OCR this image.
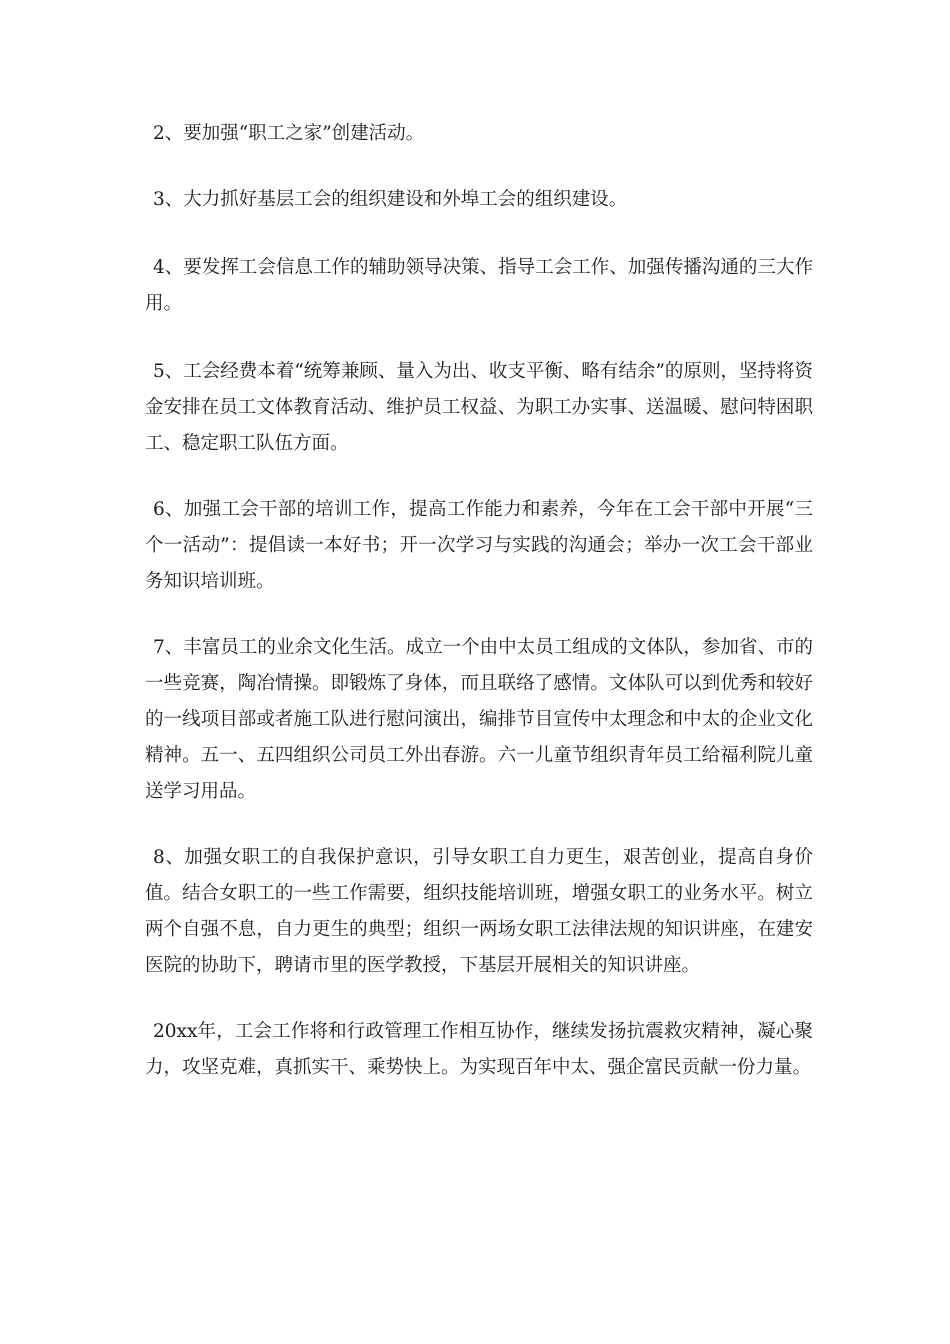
2、要加强“职工之家”创建活动。

3、大力抓好基层工会的组织建设和外埠工会的组织建设。

4、要发挥工会信息工作的辅助领导决策、指导工会工作、加强传播沟通的三大作用。

5、工会经费本着“统筹兼顾、量入为出、收支平衡、略有结余”的原则，坚持将资金安排在员工文体教育活动、维护员工权益、为职工办实事、送温暖、慰问特困职工、稳定职工队伍方面。

6、加强工会干部的培训工作，提高工作能力和素养，今年在工会干部中开展“三个一活动”：提倡读一本好书；开一次学习与实践的沟通会；举办一次工会干部业务知识培训班。

7、丰富员工的业余文化生活。成立一个由中太员工组成的文体队，参加省、市的一些竞赛，陶冶情操。即锻炼了身体，而且联络了感情。文体队可以到优秀和较好的一线项目部或者施工队进行慰问演出，编排节目宣传中太理念和中太的企业文化精神。五一、五四组织公司员工外出春游。六一儿童节组织青年员工给福利院儿童送学习用品。

8、加强女职工的自我保护意识，引导女职工自力更生，艰苦创业，提高自身价值。结合女职工的一些工作需要，组织技能培训班，增强女职工的业务水平。树立两个自强不息，自力更生的典型；组织一两场女职工法律法规的知识讲座，在建安医院的协助下，聘请市里的医学教授，下基层开展相关的知识讲座。

20xx年，工会工作将和行政管理工作相互协作，继续发扬抗震救灾精神，凝心聚力，攻坚克难，真抓实干、乘势快上。为实现百年中太、强企富民贡献一份力量。
